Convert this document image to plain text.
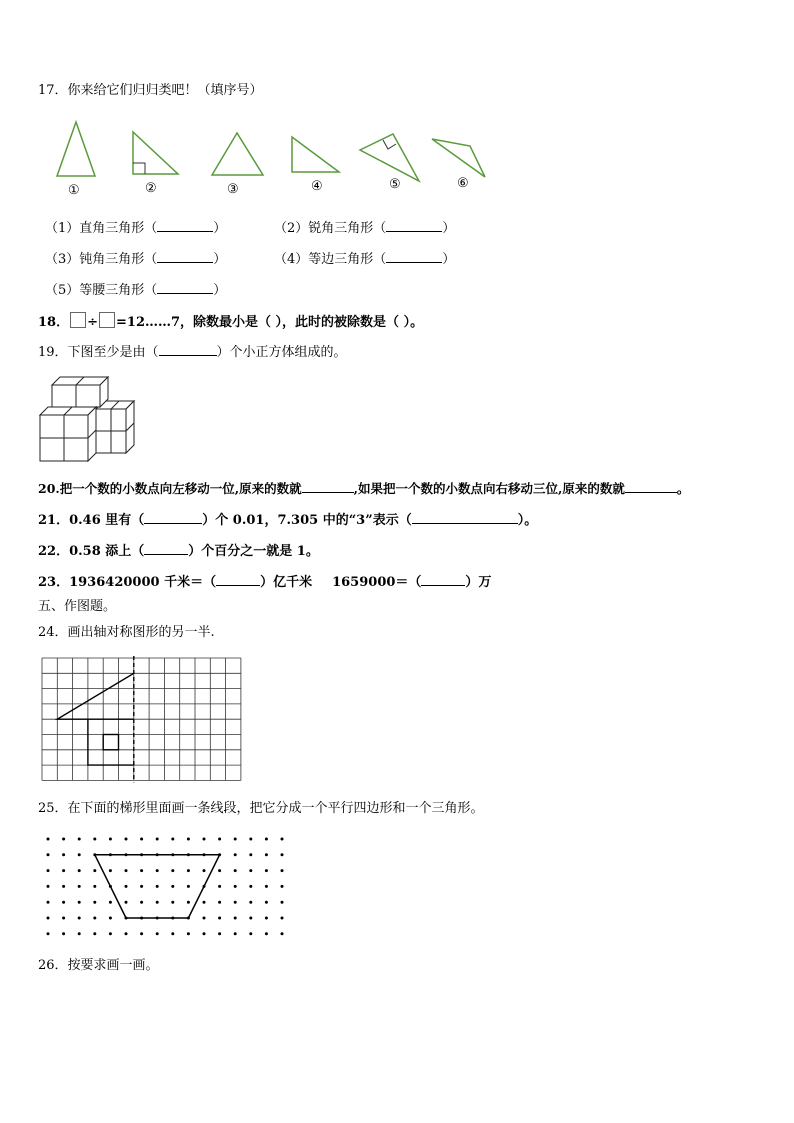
17．你来给它们归归类吧！（填序号）
①	②	③	④	⑤	⑥
（1）直角三角形（	）	（2）锐角三角形（	）
（3）钝角三角形（	）	（4）等边三角形（	）
（5）等腰三角形（	）
18． ÷ =12……7，除数最小是（ ），此时的被除数是（ ）。
19．下图至少是由（	）个小正方体组成的。
20.把一个数的小数点向左移动一位,原来的数就	,如果把一个数的小数点向右移动三位,原来的数就	。
21．0.46 里有（	）个 0.01，7.305 中的“3”表示（	）。
22．0.58 添上（	）个百分之一就是 1。
23．1936420000 千米＝（	）亿千米 1659000＝（	）万
五、作图题。
24．画出轴对称图形的另一半.
25．在下面的梯形里面画一条线段，把它分成一个平行四边形和一个三角形。
26．按要求画一画。
